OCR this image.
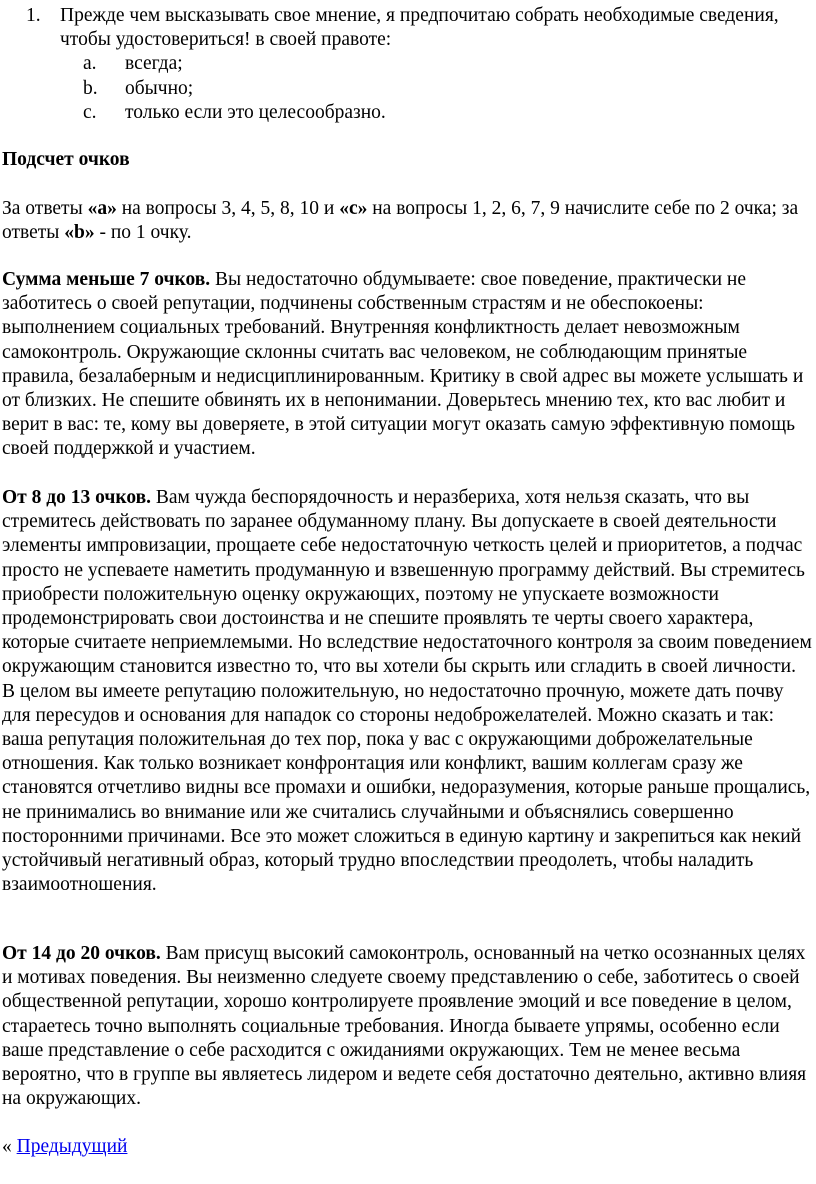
1. Прежде чем высказывать свое мнение, я предпочитаю собрать необходимые сведения, чтобы удостовериться! в своей правоте:
a.	всегда;
b.	обычно;
c.	только если это целесообразно.
Подсчет очков
За ответы «а» на вопросы 3, 4, 5, 8, 10 и «с» на вопросы 1, 2, 6, 7, 9 начислите себе по 2 очка; за ответы «b» - по 1 очку.
Сумма меньше 7 очков. Вы недостаточно обдумываете: свое поведение, практически не заботитесь о своей репутации, подчинены собственным страстям и не обеспокоены: выполнением социальных требований. Внутренняя конфликтность делает невозможным самоконтроль. Окружающие склонны считать вас человеком, не соблюдающим принятые правила, безалаберным и недисциплинированным. Критику в свой адрес вы можете услышать и от близких. Не спешите обвинять их в непонимании. Доверьтесь мнению тех, кто вас любит и верит в вас: те, кому вы доверяете, в этой ситуации могут оказать самую эффективную помощь своей поддержкой и участием.
От 8 до 13 очков. Вам чужда беспорядочность и неразбериха, хотя нельзя сказать, что вы стремитесь действовать по заранее обдуманному плану. Вы допускаете в своей деятельности элементы импровизации, прощаете себе недостаточную четкость целей и приоритетов, а подчас просто не успеваете наметить продуманную и взвешенную программу действий. Вы стремитесь приобрести положительную оценку окружающих, поэтому не упускаете возможности продемонстрировать свои достоинства и не спешите проявлять те черты своего характера, которые считаете неприемлемыми. Но вследствие недостаточного контроля за своим поведением окружающим становится известно то, что вы хотели бы скрыть или сгладить в своей личности. В целом вы имеете репутацию положительную, но недостаточно прочную, можете дать почву для пересудов и основания для нападок со стороны недоброжелателей. Можно сказать и так: ваша репутация положительная до тех пор, пока у вас с окружающими доброжелательные отношения. Как только возникает конфронтация или конфликт, вашим коллегам сразу же становятся отчетливо видны все промахи и ошибки, недоразумения, которые раньше прощались, не принимались во внимание или же считались случайными и объяснялись совершенно посторонними причинами. Все это может сложиться в единую картину и закрепиться как некий устойчивый негативный образ, который трудно впоследствии преодолеть, чтобы наладить взаимоотношения.
От 14 до 20 очков. Вам присущ высокий самоконтроль, основанный на четко осознанных целях и мотивах поведения. Вы неизменно следуете своему представлению о себе, заботитесь о своей общественной репутации, хорошо контролируете проявление эмоций и все поведение в целом, стараетесь точно выполнять социальные требования. Иногда бываете упрямы, особенно если ваше представление о себе расходится с ожиданиями окружающих. Тем не менее весьма вероятно, что в группе вы являетесь лидером и ведете себя достаточно деятельно, активно влияя на окружающих.
« Предыдущий
